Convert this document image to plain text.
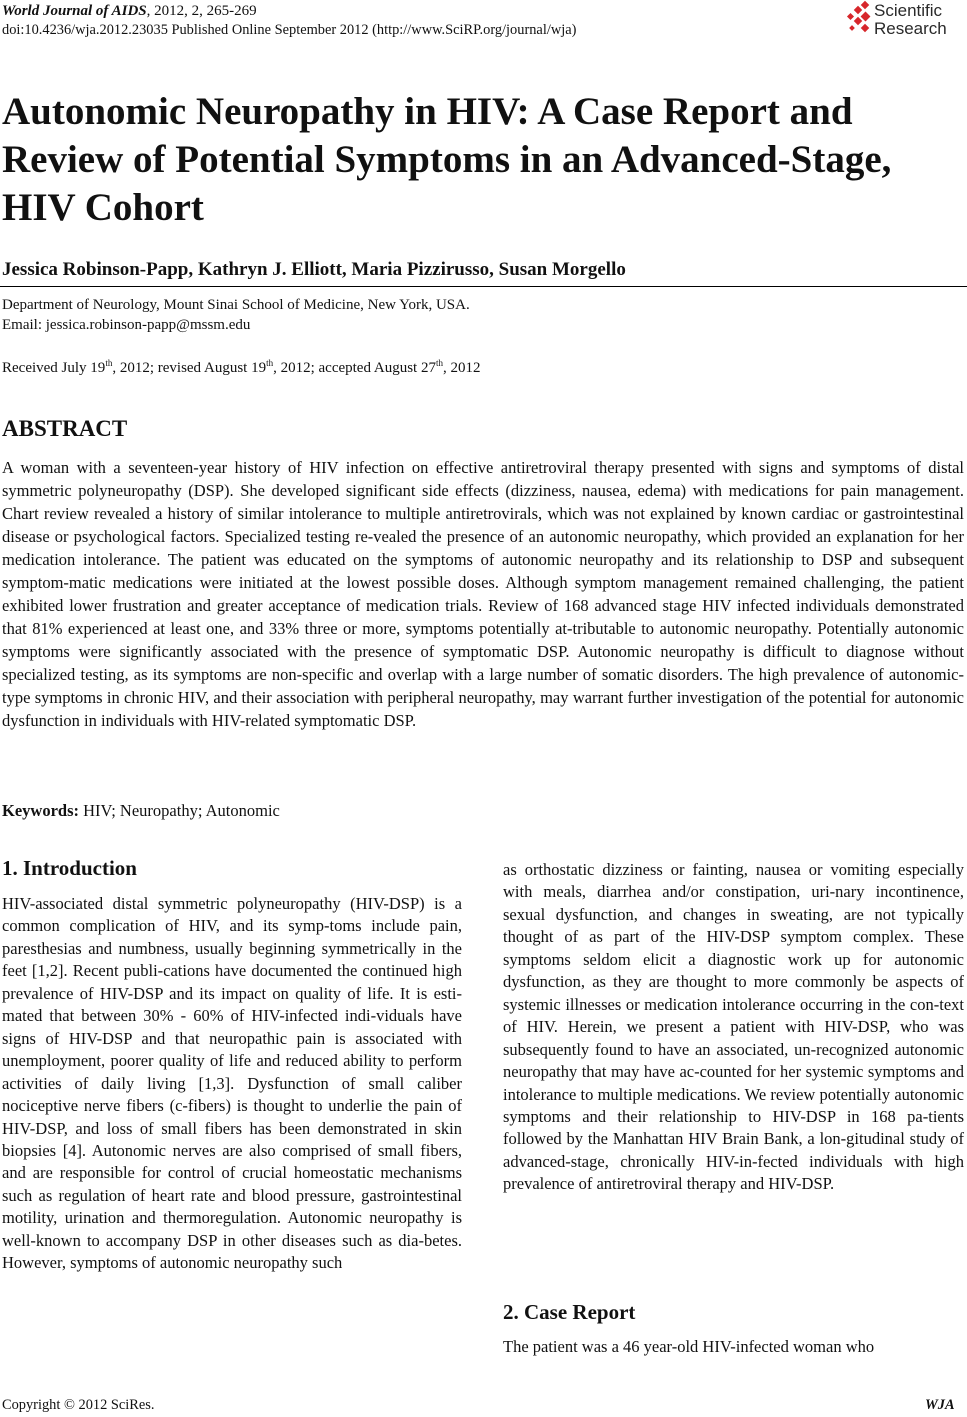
World Journal of AIDS, 2012, 2, 265-269
doi:10.4236/wja.2012.23035 Published Online September 2012 (http://www.SciRP.org/journal/wja)
Scientific
Research
Autonomic Neuropathy in HIV: A Case Report and Review of Potential Symptoms in an Advanced-Stage, HIV Cohort
Jessica Robinson-Papp, Kathryn J. Elliott, Maria Pizzirusso, Susan Morgello
Department of Neurology, Mount Sinai School of Medicine, New York, USA.
Email: jessica.robinson-papp@mssm.edu
Received July 19th, 2012; revised August 19th, 2012; accepted August 27th, 2012
ABSTRACT

A woman with a seventeen-year history of HIV infection on effective antiretroviral therapy presented with signs and symptoms of distal symmetric polyneuropathy (DSP). She developed significant side effects (dizziness, nausea, edema) with medications for pain management. Chart review revealed a history of similar intolerance to multiple antiretrovirals, which was not explained by known cardiac or gastrointestinal disease or psychological factors. Specialized testing re-vealed the presence of an autonomic neuropathy, which provided an explanation for her medication intolerance. The patient was educated on the symptoms of autonomic neuropathy and its relationship to DSP and subsequent symptom-matic medications were initiated at the lowest possible doses. Although symptom management remained challenging, the patient exhibited lower frustration and greater acceptance of medication trials. Review of 168 advanced stage HIV infected individuals demonstrated that 81% experienced at least one, and 33% three or more, symptoms potentially at-tributable to autonomic neuropathy. Potentially autonomic symptoms were significantly associated with the presence of symptomatic DSP. Autonomic neuropathy is difficult to diagnose without specialized testing, as its symptoms are non-specific and overlap with a large number of somatic disorders. The high prevalence of autonomic-type symptoms in chronic HIV, and their association with peripheral neuropathy, may warrant further investigation of the potential for autonomic dysfunction in individuals with HIV-related symptomatic DSP.

Keywords: HIV; Neuropathy; Autonomic
1. Introduction

HIV-associated distal symmetric polyneuropathy (HIV-DSP) is a common complication of HIV, and its symp-toms include pain, paresthesias and numbness, usually beginning symmetrically in the feet [1,2]. Recent publi-cations have documented the continued high prevalence of HIV-DSP and its impact on quality of life. It is esti-mated that between 30% - 60% of HIV-infected indi-viduals have signs of HIV-DSP and that neuropathic pain is associated with unemployment, poorer quality of life and reduced ability to perform activities of daily living [1,3]. Dysfunction of small caliber nociceptive nerve fibers (c-fibers) is thought to underlie the pain of HIV-DSP, and loss of small fibers has been demonstrated in skin biopsies [4]. Autonomic nerves are also comprised of small fibers, and are responsible for control of crucial homeostatic mechanisms such as regulation of heart rate and blood pressure, gastrointestinal motility, urination and thermoregulation. Autonomic neuropathy is well-known to accompany DSP in other diseases such as dia-betes. However, symptoms of autonomic neuropathy such

as orthostatic dizziness or fainting, nausea or vomiting especially with meals, diarrhea and/or constipation, uri-nary incontinence, sexual dysfunction, and changes in sweating, are not typically thought of as part of the HIV-DSP symptom complex. These symptoms seldom elicit a diagnostic work up for autonomic dysfunction, as they are thought to more commonly be aspects of systemic illnesses or medication intolerance occurring in the con-text of HIV. Herein, we present a patient with HIV-DSP, who was subsequently found to have an associated, un-recognized autonomic neuropathy that may have ac-counted for her systemic symptoms and intolerance to multiple medications. We review potentially autonomic symptoms and their relationship to HIV-DSP in 168 pa-tients followed by the Manhattan HIV Brain Bank, a lon-gitudinal study of advanced-stage, chronically HIV-in-fected individuals with high prevalence of antiretroviral therapy and HIV-DSP.

2. Case Report
The patient was a 46 year-old HIV-infected woman who
Copyright © 2012 SciRes.	WJA
